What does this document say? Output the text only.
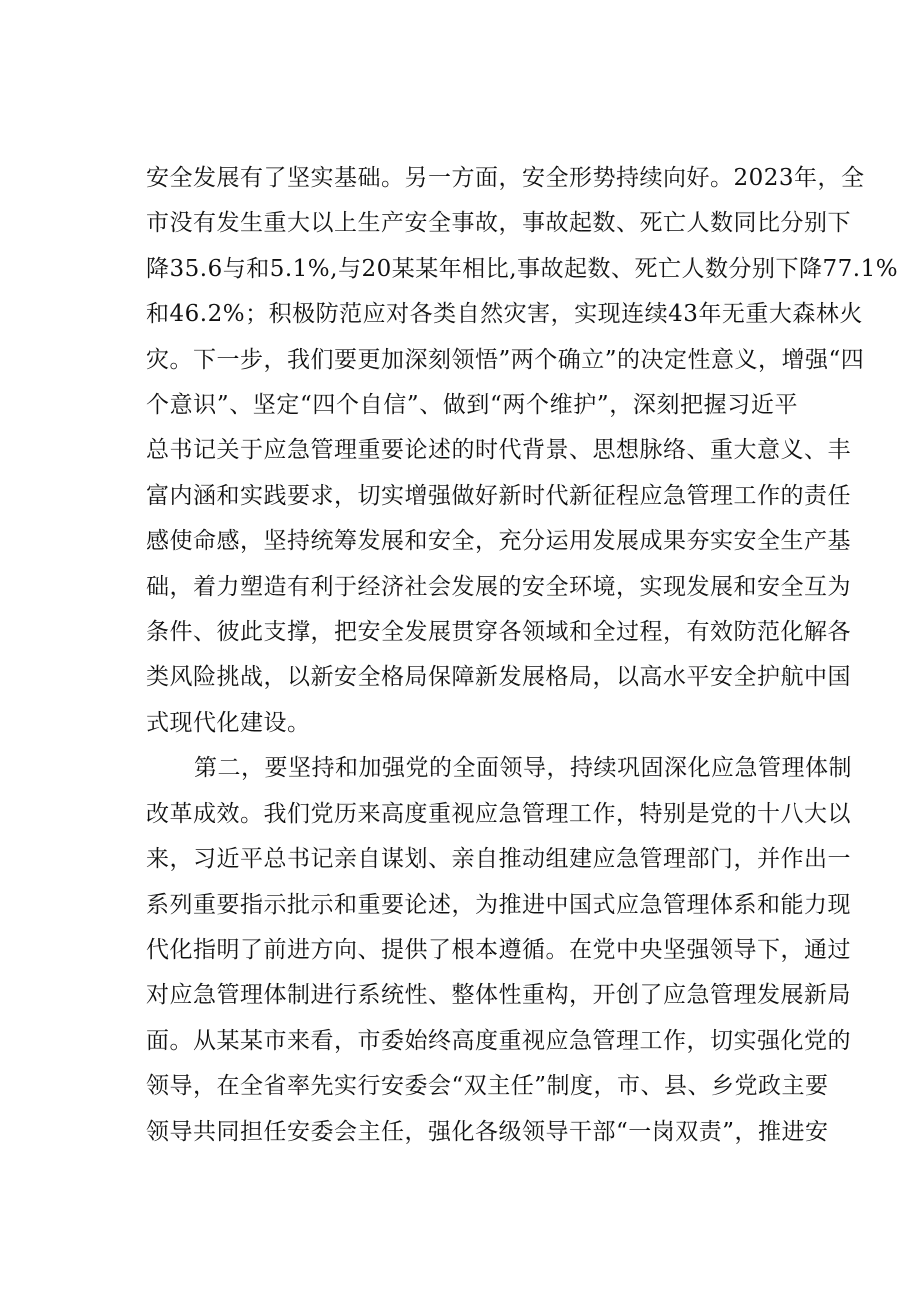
安全发展有了坚实基础。另一方面，安全形势持续向好。2023年，全
市没有发生重大以上生产安全事故，事故起数、死亡人数同比分别下
降35.6与和5.1%,与20某某年相比,事故起数、死亡人数分别下降77.1%
和46.2%；积极防范应对各类自然灾害，实现连续43年无重大森林火
灾。下一步，我们要更加深刻领悟”两个确立”的决定性意义，增强“四
个意识”、坚定“四个自信”、做到“两个维护”，深刻把握习近平
总书记关于应急管理重要论述的时代背景、思想脉络、重大意义、丰
富内涵和实践要求，切实增强做好新时代新征程应急管理工作的责任
感使命感，坚持统筹发展和安全，充分运用发展成果夯实安全生产基
础，着力塑造有利于经济社会发展的安全环境，实现发展和安全互为
条件、彼此支撑，把安全发展贯穿各领域和全过程，有效防范化解各
类风险挑战，以新安全格局保障新发展格局，以高水平安全护航中国
式现代化建设。

第二，要坚持和加强党的全面领导，持续巩固深化应急管理体制
改革成效。我们党历来高度重视应急管理工作，特别是党的十八大以
来，习近平总书记亲自谋划、亲自推动组建应急管理部门，并作出一
系列重要指示批示和重要论述，为推进中国式应急管理体系和能力现
代化指明了前进方向、提供了根本遵循。在党中央坚强领导下，通过
对应急管理体制进行系统性、整体性重构，开创了应急管理发展新局
面。从某某市来看，市委始终高度重视应急管理工作，切实强化党的
领导，在全省率先实行安委会“双主任”制度，市、县、乡党政主要
领导共同担任安委会主任，强化各级领导干部“一岗双责”，推进安
